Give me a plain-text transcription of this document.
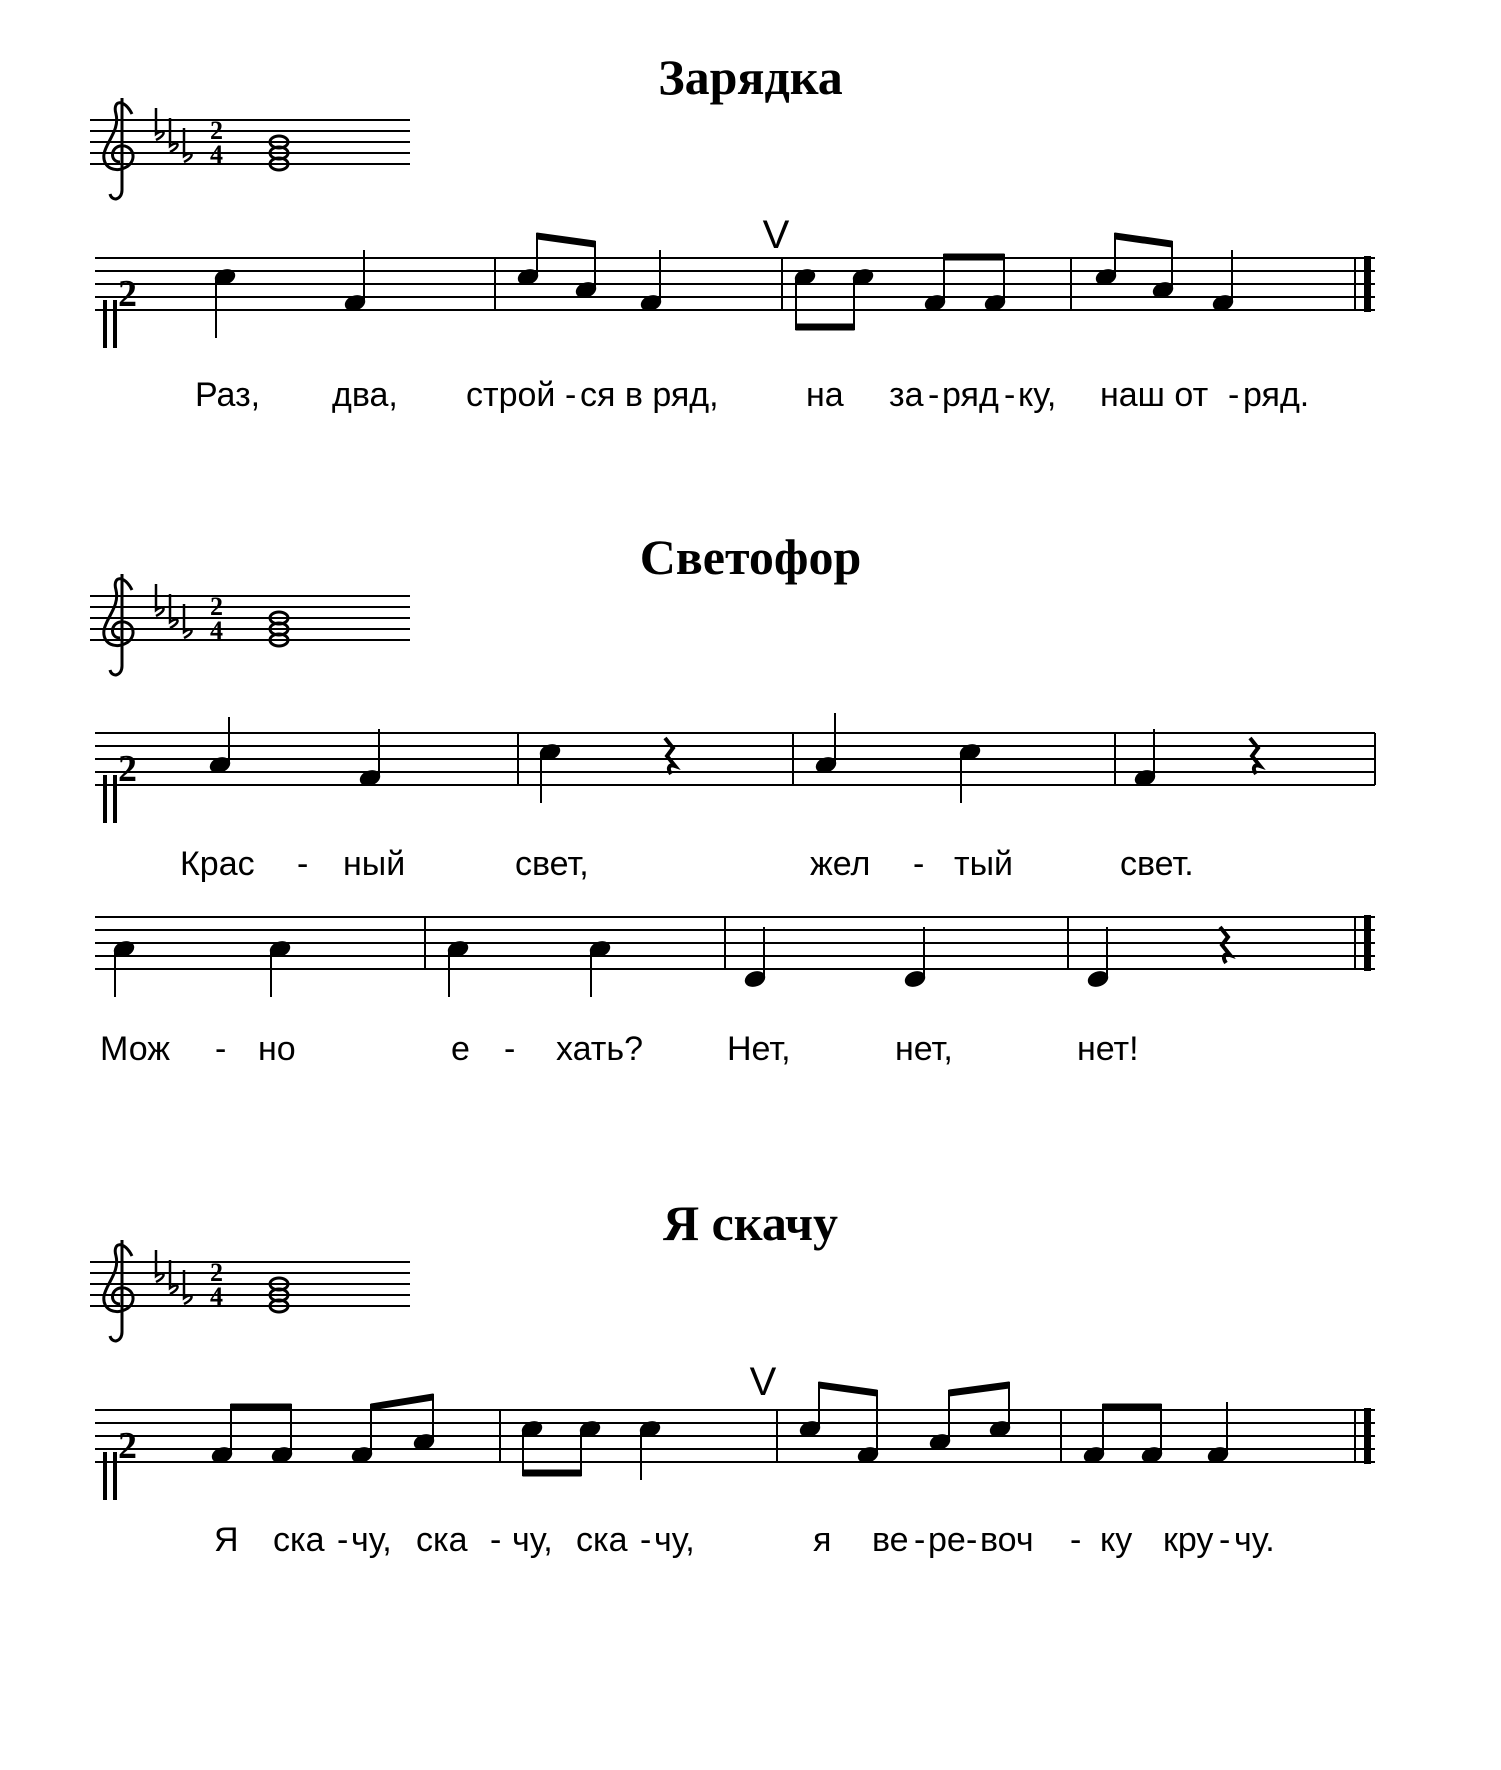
Зарядка
Светофор
Я скачу
2
4
2
V
V
Раз, два, строй - ся в ряд,	на за - ряд - ку, наш от - ряд.
Крас - ный	свет,	жел - тый	свет.
Мож - но	е - хать? Нет,	нет,	нет!
Я ска - чу, ска - чу, ска - чу,	я ве - ре - воч - ку кру - чу.
